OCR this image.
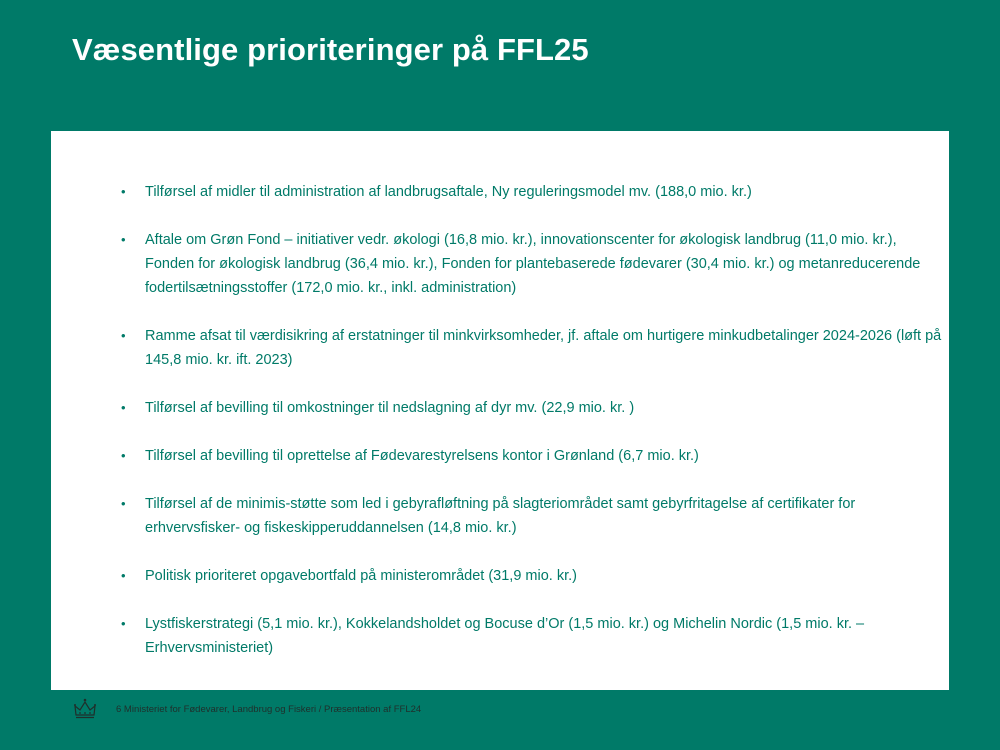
Væsentlige prioriteringer på FFL25
• Tilførsel af midler til administration af landbrugsaftale, Ny reguleringsmodel mv. (188,0 mio. kr.)
• Aftale om Grøn Fond – initiativer vedr. økologi (16,8 mio. kr.), innovationscenter for økologisk landbrug (11,0 mio. kr.), Fonden for økologisk landbrug (36,4 mio. kr.), Fonden for plantebaserede fødevarer (30,4 mio. kr.) og metanreducerende fodertilsætningsstoffer (172,0 mio. kr., inkl. administration)
• Ramme afsat til værdisikring af erstatninger til minkvirksomheder, jf. aftale om hurtigere minkudbetalinger 2024-2026 (løft på 145,8 mio. kr. ift. 2023)
• Tilførsel af bevilling til omkostninger til nedslagning af dyr mv. (22,9 mio. kr. )
• Tilførsel af bevilling til oprettelse af Fødevarestyrelsens kontor i Grønland (6,7 mio. kr.)
• Tilførsel af de minimis-støtte som led i gebyrafløftning på slagteriområdet samt gebyrfritagelse af certifikater for erhvervsfisker- og fiskeskipperuddannelsen (14,8 mio. kr.)
• Politisk prioriteret opgavebortfald på ministerområdet (31,9 mio. kr.)
• Lystfiskerstrategi (5,1 mio. kr.), Kokkelandsholdet og Bocuse d’Or (1,5 mio. kr.) og Michelin Nordic (1,5 mio. kr. – Erhvervsministeriet)
6 Ministeriet for Fødevarer, Landbrug og Fiskeri / Præsentation af FFL24
